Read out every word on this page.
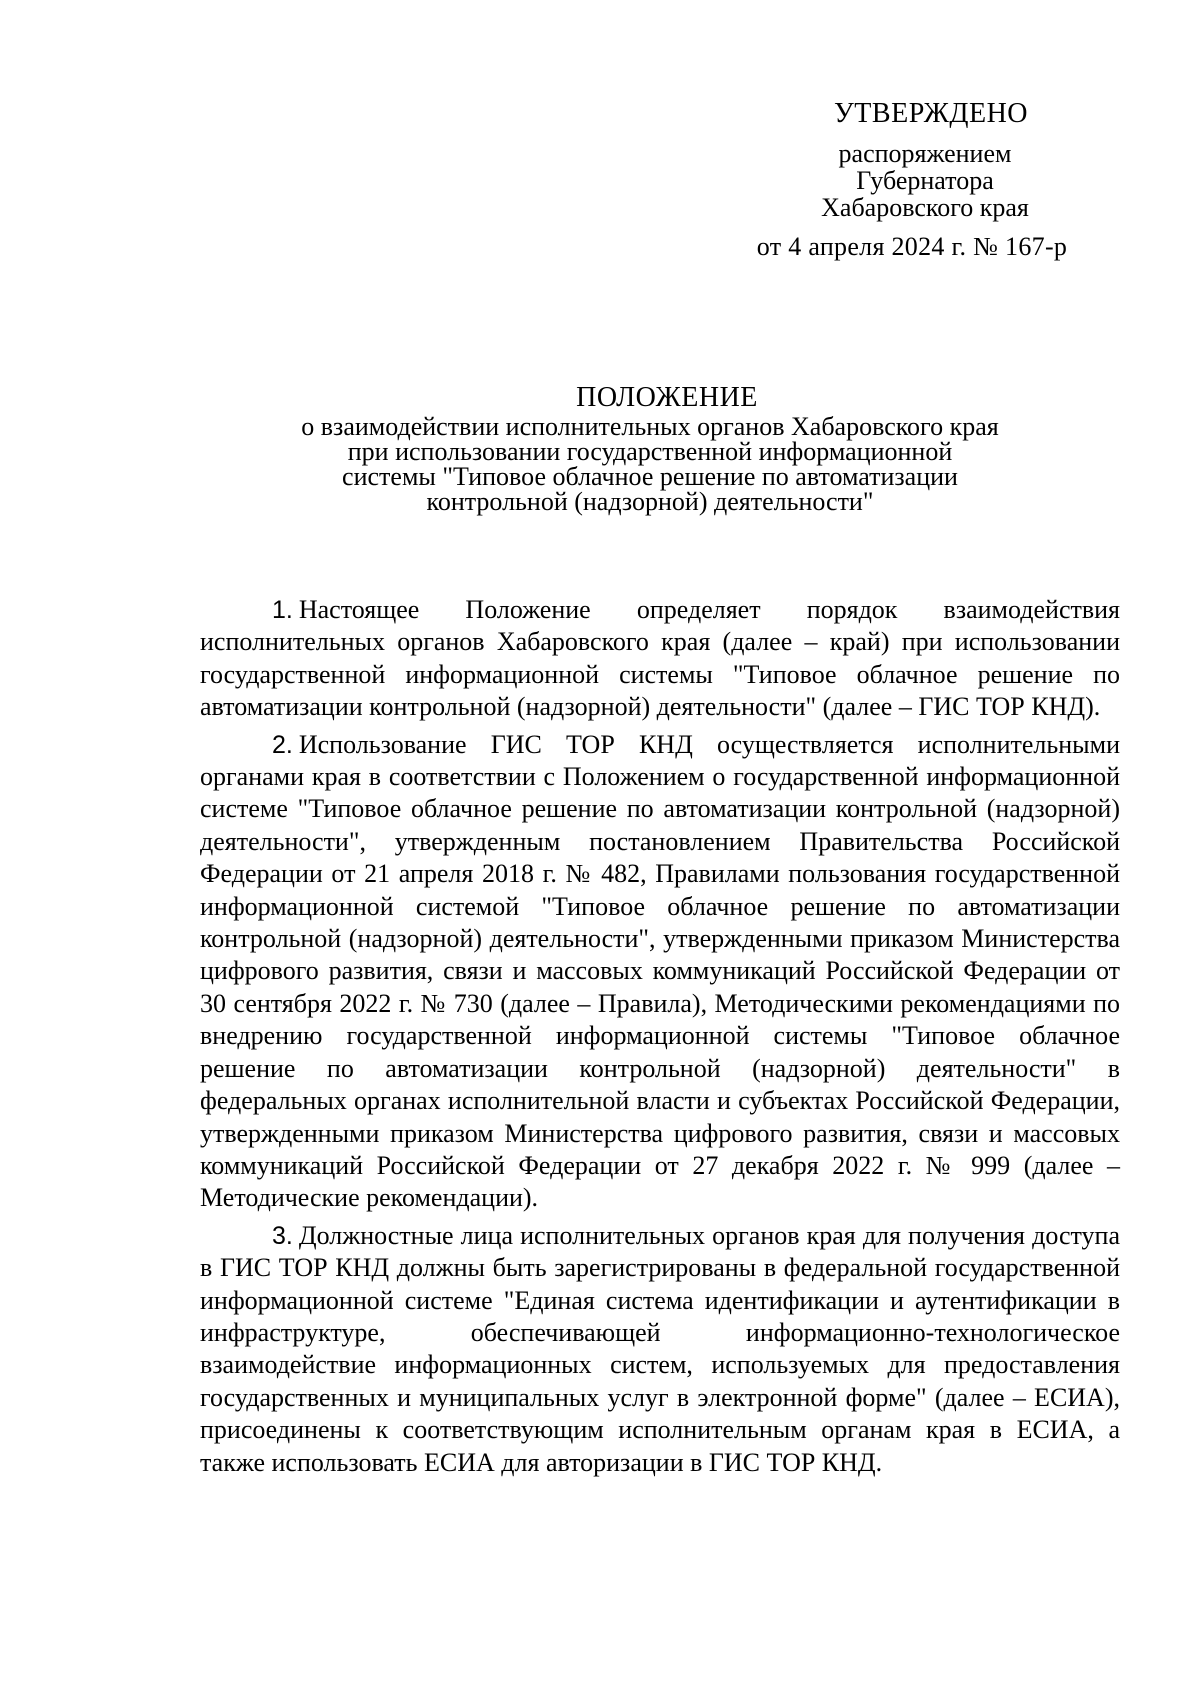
УТВЕРЖДЕНО
распоряжением
Губернатора
Хабаровского края
от 4 апреля 2024 г. № 167-р
ПОЛОЖЕНИЕ
о взаимодействии исполнительных органов Хабаровского края
при использовании государственной информационной
системы "Типовое облачное решение по автоматизации
контрольной (надзорной) деятельности"

1. Настоящее Положение определяет порядок взаимодействия исполнительных органов Хабаровского края (далее – край) при использовании государственной информационной системы "Типовое облачное решение по автоматизации контрольной (надзорной) деятельности" (далее – ГИС ТОР КНД).

2. Использование ГИС ТОР КНД осуществляется исполнительными органами края в соответствии с Положением о государственной информационной системе "Типовое облачное решение по автоматизации контрольной (надзорной) деятельности", утвержденным постановлением Правительства Российской Федерации от 21 апреля 2018 г. № 482, Правилами пользования государственной информационной системой "Типовое облачное решение по автоматизации контрольной (надзорной) деятельности", утвержденными приказом Министерства цифрового развития, связи и массовых коммуникаций Российской Федерации от 30 сентября 2022 г. № 730 (далее – Правила), Методическими рекомендациями по внедрению государственной информационной системы "Типовое облачное решение по автоматизации контрольной (надзорной) деятельности" в федеральных органах исполнительной власти и субъектах Российской Федерации, утвержденными приказом Министерства цифрового развития, связи и массовых коммуникаций Российской Федерации от 27 декабря 2022 г. № 999 (далее – Методические рекомендации).

3. Должностные лица исполнительных органов края для получения доступа в ГИС ТОР КНД должны быть зарегистрированы в федеральной государственной информационной системе "Единая система идентификации и аутентификации в инфраструктуре, обеспечивающей информационно-технологическое взаимодействие информационных систем, используемых для предоставления государственных и муниципальных услуг в электронной форме" (далее – ЕСИА), присоединены к соответствующим исполнительным органам края в ЕСИА, а также использовать ЕСИА для авторизации в ГИС ТОР КНД.
